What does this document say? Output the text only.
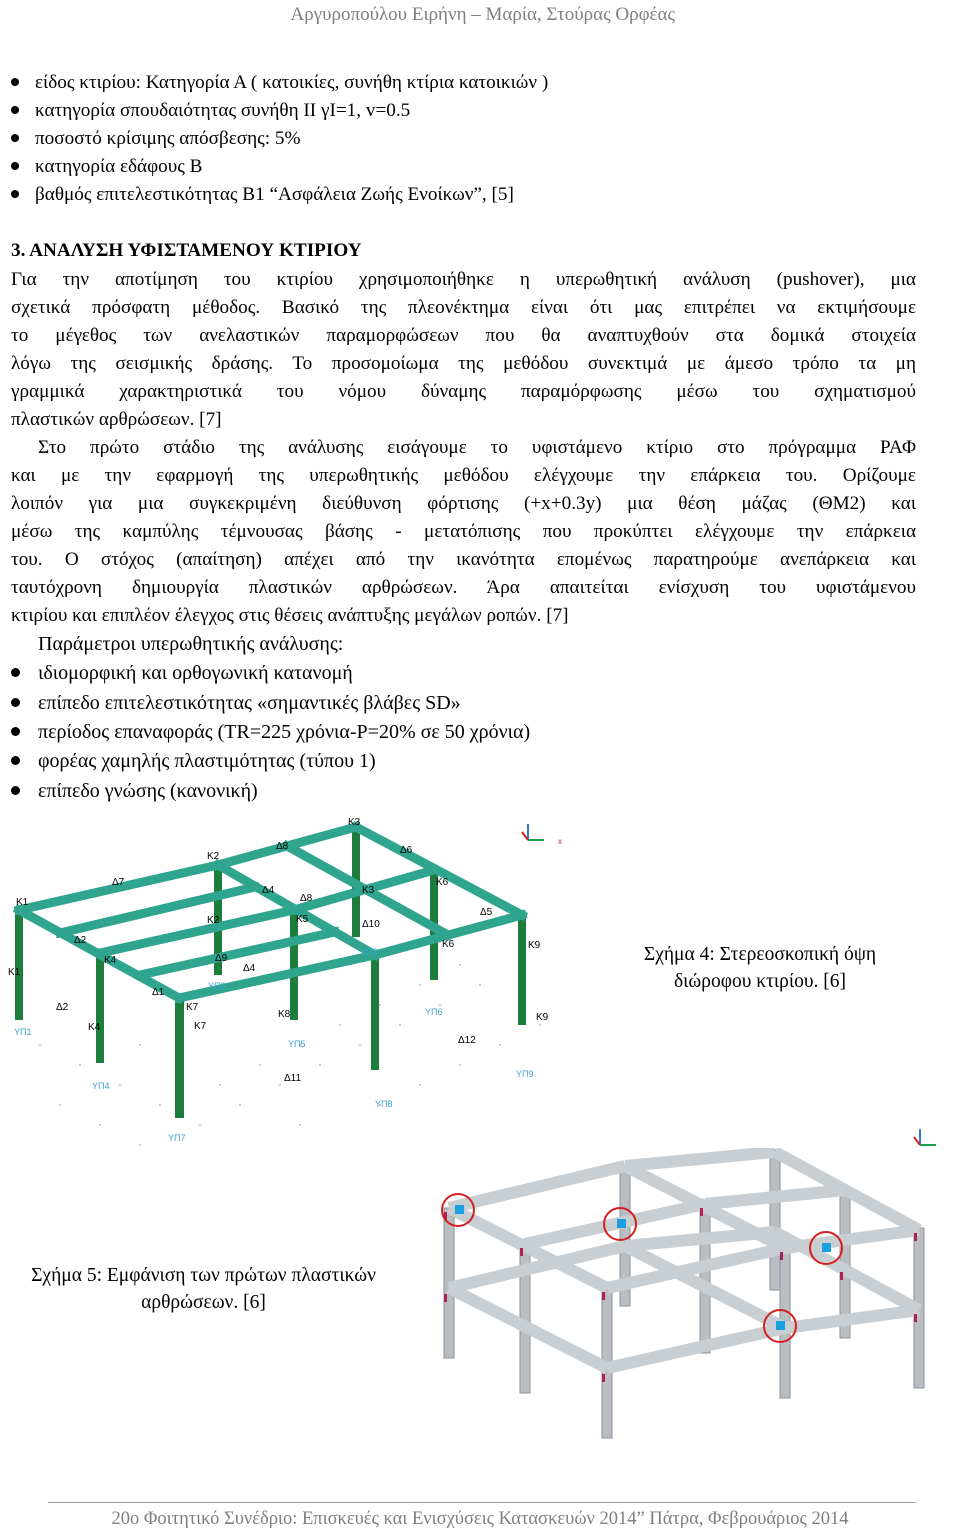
Αργυροπούλου Ειρήνη – Μαρία, Στούρας Ορφέας
είδος κτιρίου: Κατηγορία Α ( κατοικίες, συνήθη κτίρια κατοικιών )
κατηγορία σπουδαιότητας συνήθη ΙΙ γI=1, v=0.5
ποσοστό κρίσιμης απόσβεσης: 5%
κατηγορία εδάφους Β
βαθμός επιτελεστικότητας Β1 “Ασφάλεια Ζωής Ενοίκων”, [5]
3. ΑΝΑΛΥΣΗ ΥΦΙΣΤΑΜΕΝΟΥ ΚΤΙΡΙΟΥ
Για την αποτίμηση του κτιρίου χρησιμοποιήθηκε η υπερωθητική ανάλυση (pushover), μια
σχετικά πρόσφατη μέθοδος. Βασικό της πλεονέκτημα είναι ότι μας επιτρέπει να εκτιμήσουμε
το μέγεθος των ανελαστικών παραμορφώσεων που θα αναπτυχθούν στα δομικά στοιχεία
λόγω της σεισμικής δράσης. Το προσομοίωμα της μεθόδου συνεκτιμά με άμεσο τρόπο τα μη
γραμμικά χαρακτηριστικά του νόμου δύναμης παραμόρφωσης μέσω του σχηματισμού
πλαστικών αρθρώσεων. [7]
Στο πρώτο στάδιο της ανάλυσης εισάγουμε το υφιστάμενο κτίριο στο πρόγραμμα ΡΑΦ
και με την εφαρμογή της υπερωθητικής μεθόδου ελέγχουμε την επάρκεια του. Ορίζουμε
λοιπόν για μια συγκεκριμένη διεύθυνση φόρτισης (+x+0.3y) μια θέση μάζας (ΘΜ2) και
μέσω της καμπύλης τέμνουσας βάσης - μετατόπισης που προκύπτει ελέγχουμε την επάρκεια
του. Ο στόχος (απαίτηση) απέχει από την ικανότητα επομένως παρατηρούμε ανεπάρκεια και
ταυτόχρονη δημιουργία πλαστικών αρθρώσεων. Άρα απαιτείται ενίσχυση του υφιστάμενου
κτιρίου και επιπλέον έλεγχος στις θέσεις ανάπτυξης μεγάλων ροπών. [7]
Παράμετροι υπερωθητικής ανάλυσης:
ιδιομορφική και ορθογωνική κατανομή
επίπεδο επιτελεστικότητας «σημαντικές βλάβες SD»
περίοδος επαναφοράς (TR=225 χρόνια-P=20% σε 50 χρόνια)
φορέας χαμηλής πλαστιμότητας (τύπου 1)
επίπεδο γνώσης (κανονική)
Κ1
Κ1
Κ2
Κ2
Κ3
Κ3
Κ4
Κ4
Κ5
Κ6
Κ6
Κ7
Κ7
Κ8
Κ9
Κ9
Δ1
Δ2
Δ2
Δ4
Δ4
Δ5
Δ6
Δ7
Δ8
Δ8
Δ9
Δ10
Δ11
Δ12
ΥΠ1
ΥΠ2
ΥΠ3
ΥΠ4
ΥΠ5
ΥΠ6
ΥΠ7
ΥΠ8
ΥΠ9
x
Σχήμα 4: Στερεοσκοπική όψη
διώροφου κτιρίου. [6]
Σχήμα 5: Εμφάνιση των πρώτων πλαστικών
αρθρώσεων. [6]
20ο Φοιτητικό Συνέδριο: Επισκευές και Ενισχύσεις Κατασκευών 2014” Πάτρα, Φεβρουάριος 2014
